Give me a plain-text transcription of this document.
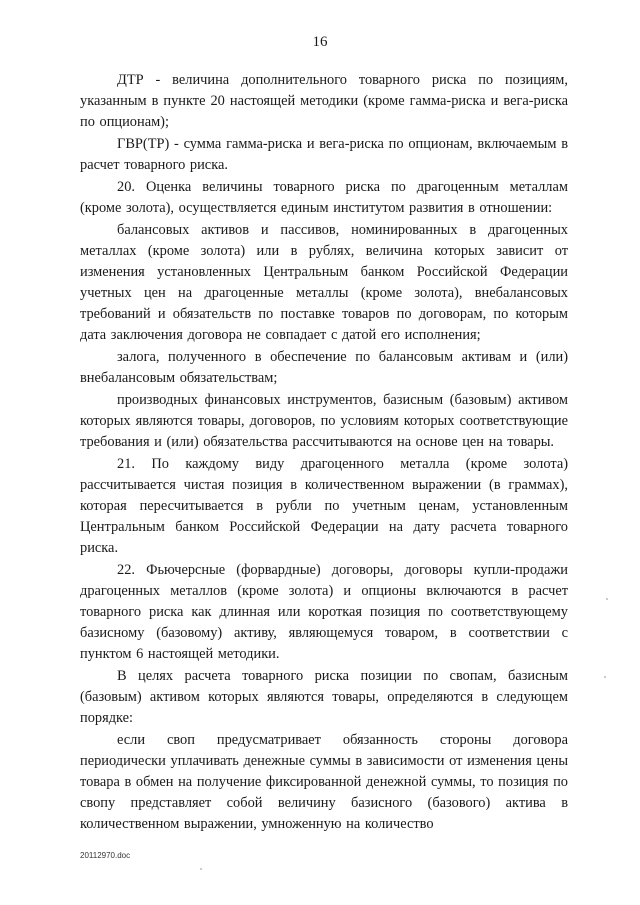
16

ДТР - величина дополнительного товарного риска по позициям, указанным в пункте 20 настоящей методики (кроме гамма-риска и вега-риска по опционам);

ГВР(ТР) - сумма гамма-риска и вега-риска по опционам, включаемым в расчет товарного риска.

20. Оценка величины товарного риска по драгоценным металлам (кроме золота), осуществляется единым институтом развития в отношении:

балансовых активов и пассивов, номинированных в драгоценных металлах (кроме золота) или в рублях, величина которых зависит от изменения установленных Центральным банком Российской Федерации учетных цен на драгоценные металлы (кроме золота), внебалансовых требований и обязательств по поставке товаров по договорам, по которым дата заключения договора не совпадает с датой его исполнения;

залога, полученного в обеспечение по балансовым активам и (или) внебалансовым обязательствам;

производных финансовых инструментов, базисным (базовым) активом которых являются товары, договоров, по условиям которых соответствующие требования и (или) обязательства рассчитываются на основе цен на товары.

21. По каждому виду драгоценного металла (кроме золота) рассчитывается чистая позиция в количественном выражении (в граммах), которая пересчитывается в рубли по учетным ценам, установленным Центральным банком Российской Федерации на дату расчета товарного риска.

22. Фьючерсные (форвардные) договоры, договоры купли-продажи драгоценных металлов (кроме золота) и опционы включаются в расчет товарного риска как длинная или короткая позиция по соответствующему базисному (базовому) активу, являющемуся товаром, в соответствии с пунктом 6 настоящей методики.

В целях расчета товарного риска позиции по свопам, базисным (базовым) активом которых являются товары, определяются в следующем порядке:

если своп предусматривает обязанность стороны договора периодически уплачивать денежные суммы в зависимости от изменения цены товара в обмен на получение фиксированной денежной суммы, то позиция по свопу представляет собой величину базисного (базового) актива в количественном выражении, умноженную на количество

20112970.doc
